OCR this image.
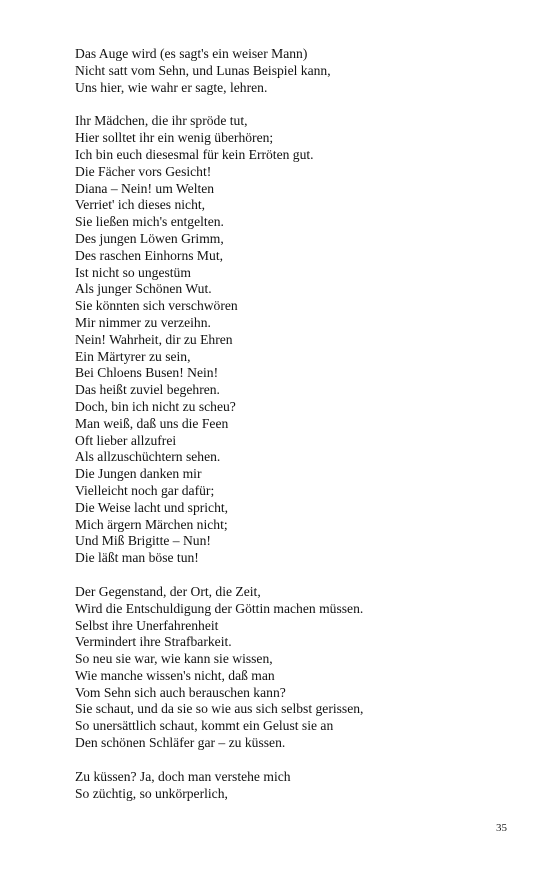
Das Auge wird (es sagt's ein weiser Mann)
Nicht satt vom Sehn, und Lunas Beispiel kann,
Uns hier, wie wahr er sagte, lehren.
Ihr Mädchen, die ihr spröde tut,
Hier solltet ihr ein wenig überhören;
Ich bin euch diesesmal für kein Erröten gut.
Die Fächer vors Gesicht!
Diana – Nein! um Welten
Verriet' ich dieses nicht,
Sie ließen mich's entgelten.
Des jungen Löwen Grimm,
Des raschen Einhorns Mut,
Ist nicht so ungestüm
Als junger Schönen Wut.
Sie könnten sich verschwören
Mir nimmer zu verzeihn.
Nein! Wahrheit, dir zu Ehren
Ein Märtyrer zu sein,
Bei Chloens Busen! Nein!
Das heißt zuviel begehren.
Doch, bin ich nicht zu scheu?
Man weiß, daß uns die Feen
Oft lieber allzufrei
Als allzuschüchtern sehen.
Die Jungen danken mir
Vielleicht noch gar dafür;
Die Weise lacht und spricht,
Mich ärgern Märchen nicht;
Und Miß Brigitte – Nun!
Die läßt man böse tun!
Der Gegenstand, der Ort, die Zeit,
Wird die Entschuldigung der Göttin machen müssen.
Selbst ihre Unerfahrenheit
Vermindert ihre Strafbarkeit.
So neu sie war, wie kann sie wissen,
Wie manche wissen's nicht, daß man
Vom Sehn sich auch berauschen kann?
Sie schaut, und da sie so wie aus sich selbst gerissen,
So unersättlich schaut, kommt ein Gelust sie an
Den schönen Schläfer gar – zu küssen.
Zu küssen? Ja, doch man verstehe mich
So züchtig, so unkörperlich,
35
